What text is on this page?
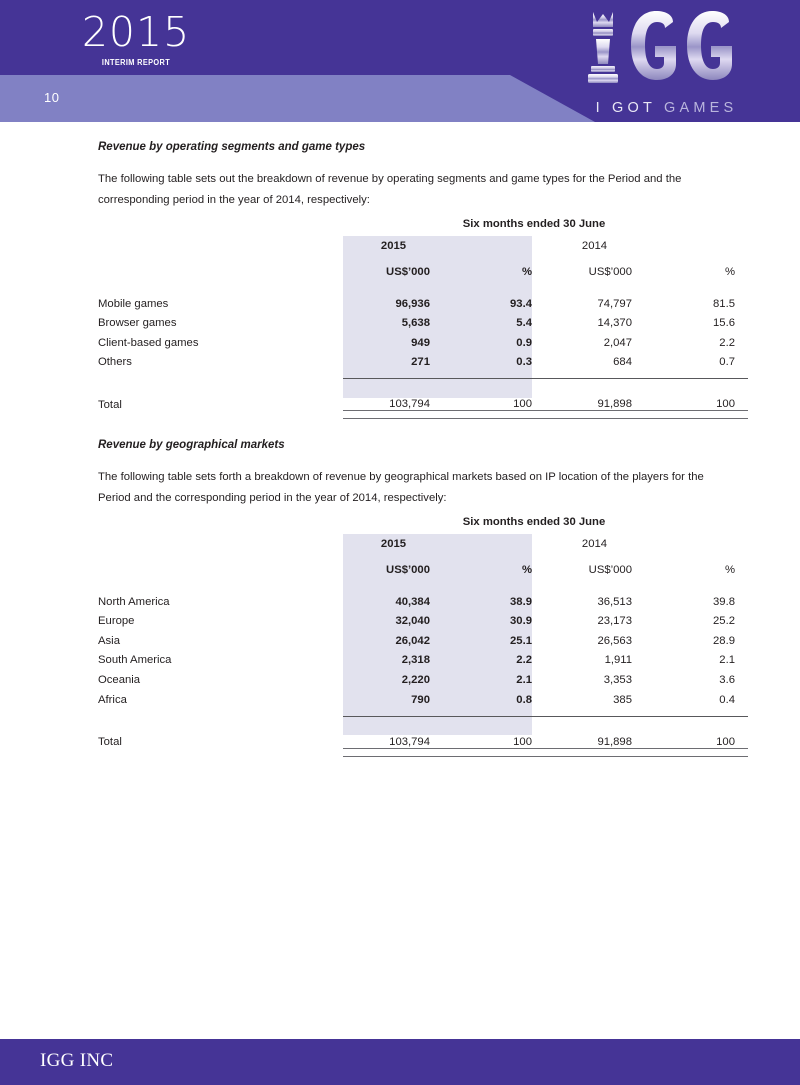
2015
INTERIM REPORT
10
I GOT GAMES
Revenue by operating segments and game types

The following table sets out the breakdown of revenue by operating segments and game types for the Period and the corresponding period in the year of 2014, respectively:

Six months ended 30 June
	2015		2014	
	US$’000	%	US$’000	%

Mobile games	96,936	93.4	74,797	81.5
Browser games	5,638	5.4	14,370	15.6
Client-based games	949	0.9	2,047	2.2
Others	271	0.3	684	0.7

Total	103,794	100	91,898	100

Revenue by geographical markets

The following table sets forth a breakdown of revenue by geographical markets based on IP location of the players for the Period and the corresponding period in the year of 2014, respectively:

Six months ended 30 June
	2015		2014	
	US$’000	%	US$’000	%

North America	40,384	38.9	36,513	39.8
Europe	32,040	30.9	23,173	25.2
Asia	26,042	25.1	26,563	28.9
South America	2,318	2.2	1,911	2.1
Oceania	2,220	2.1	3,353	3.6
Africa	790	0.8	385	0.4

Total	103,794	100	91,898	100

IGG INC
